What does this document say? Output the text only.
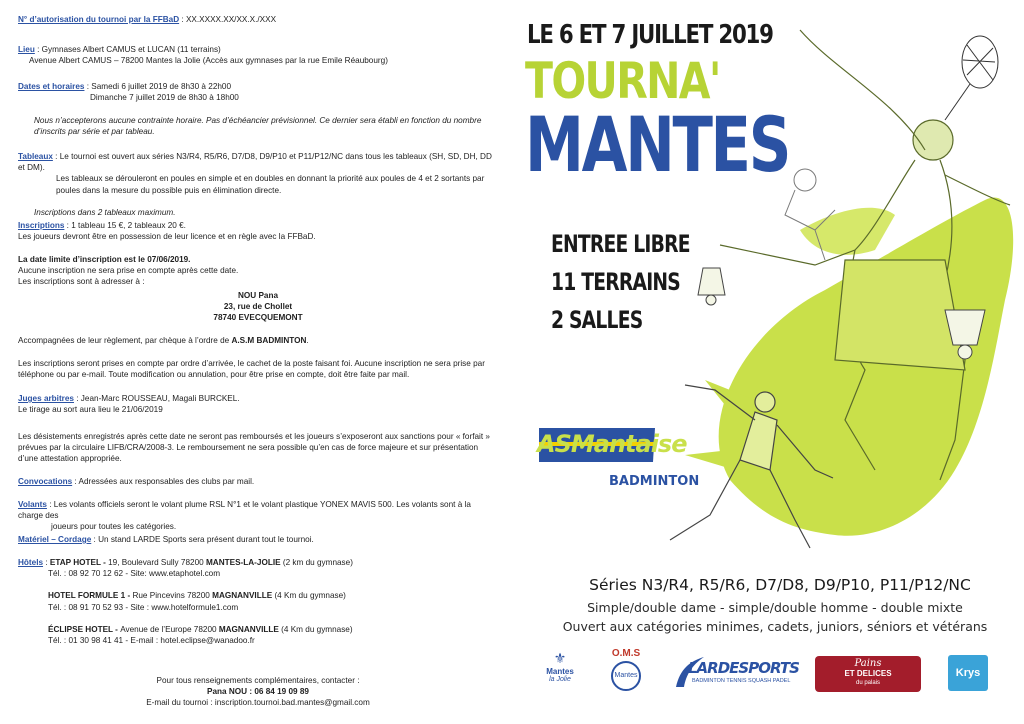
N° d’autorisation du tournoi par la FFBaD : XX.XXXX.XX/XX.X./XXX
Lieu : Gymnases Albert CAMUS et LUCAN (11 terrains)
Avenue Albert CAMUS – 78200 Mantes la Jolie (Accès aux gymnases par la rue Emile Réaubourg)
Dates et horaires : Samedi 6 juillet 2019 de 8h30 à 22h00
Dimanche 7 juillet 2019 de 8h30 à 18h00
Nous n’accepterons aucune contrainte horaire. Pas d’échéancier prévisionnel. Ce dernier sera établi en fonction du nombre d’inscrits par série et par tableau.
Tableaux : Le tournoi est ouvert aux séries N3/R4, R5/R6, D7/D8, D9/P10 et P11/P12/NC dans tous les tableaux (SH, SD, DH, DD et DM).
Les tableaux se dérouleront en poules en simple et en doubles en donnant la priorité aux poules de 4 et 2 sortants par poules dans la mesure du possible puis en élimination directe.
Inscriptions dans 2 tableaux maximum.
Inscriptions : 1 tableau 15 €, 2 tableaux 20 €.
Les joueurs devront être en possession de leur licence et en règle avec la FFBaD.
La date limite d’inscription est le 07/06/2019.
Aucune inscription ne sera prise en compte après cette date.
Les inscriptions sont à adresser à :
NOU Pana
23, rue de Chollet
78740 EVECQUEMONT
Accompagnées de leur règlement, par chèque à l’ordre de A.S.M BADMINTON.
Les inscriptions seront prises en compte par ordre d’arrivée, le cachet de la poste faisant foi. Aucune inscription ne sera prise par téléphone ou par e-mail. Toute modification ou annulation, pour être prise en compte, doit être faite par mail.
Juges arbitres : Jean-Marc ROUSSEAU, Magali BURCKEL.
Le tirage au sort aura lieu le 21/06/2019
Les désistements enregistrés après cette date ne seront pas remboursés et les joueurs s’exposeront aux sanctions pour « forfait » prévues par la circulaire LIFB/CRA/2008-3. Le remboursement ne sera possible qu’en cas de force majeure et sur présentation d’une attestation appropriée.
Convocations : Adressées aux responsables des clubs par mail.
Volants : Les volants officiels seront le volant plume RSL N°1 et le volant plastique YONEX MAVIS 500. Les volants sont à la charge des
joueurs pour toutes les catégories.
Matériel – Cordage : Un stand LARDE Sports sera présent durant tout le tournoi.
Hôtels : ETAP HOTEL - 19, Boulevard Sully 78200 MANTES-LA-JOLIE (2 km du gymnase)
Tél. : 08 92 70 12 62 - Site: www.etaphotel.com
HOTEL FORMULE 1 - Rue Pincevins 78200 MAGNANVILLE (4 Km du gymnase)
Tél. : 08 91 70 52 93 - Site : www.hotelformule1.com
ÉCLIPSE HOTEL - Avenue de l’Europe 78200 MAGNANVILLE (4 Km du gymnase)
Tél. : 01 30 98 41 41 - E-mail : hotel.eclipse@wanadoo.fr
Pour tous renseignements complémentaires, contacter :
Pana NOU : 06 84 19 09 89
E-mail du tournoi : inscription.tournoi.bad.mantes@gmail.com
LE 6 ET 7 JUILLET 2019
TOURNA'
MANTES
ENTREE LIBRE
11 TERRAINS
2 SALLES
ASMantaise
BADMINTON
Séries N3/R4, R5/R6, D7/D8, D9/P10, P11/P12/NC
Simple/double dame - simple/double homme - double mixte
Ouvert aux catégories minimes, cadets, juniors, séniors et vétérans
⚜
Mantes
la Jolie
O.M.S
Mantes	LARDESPORTS
BADMINTON TENNIS SQUASH PADEL
Pains
ET DELICES
du palais
Krys
